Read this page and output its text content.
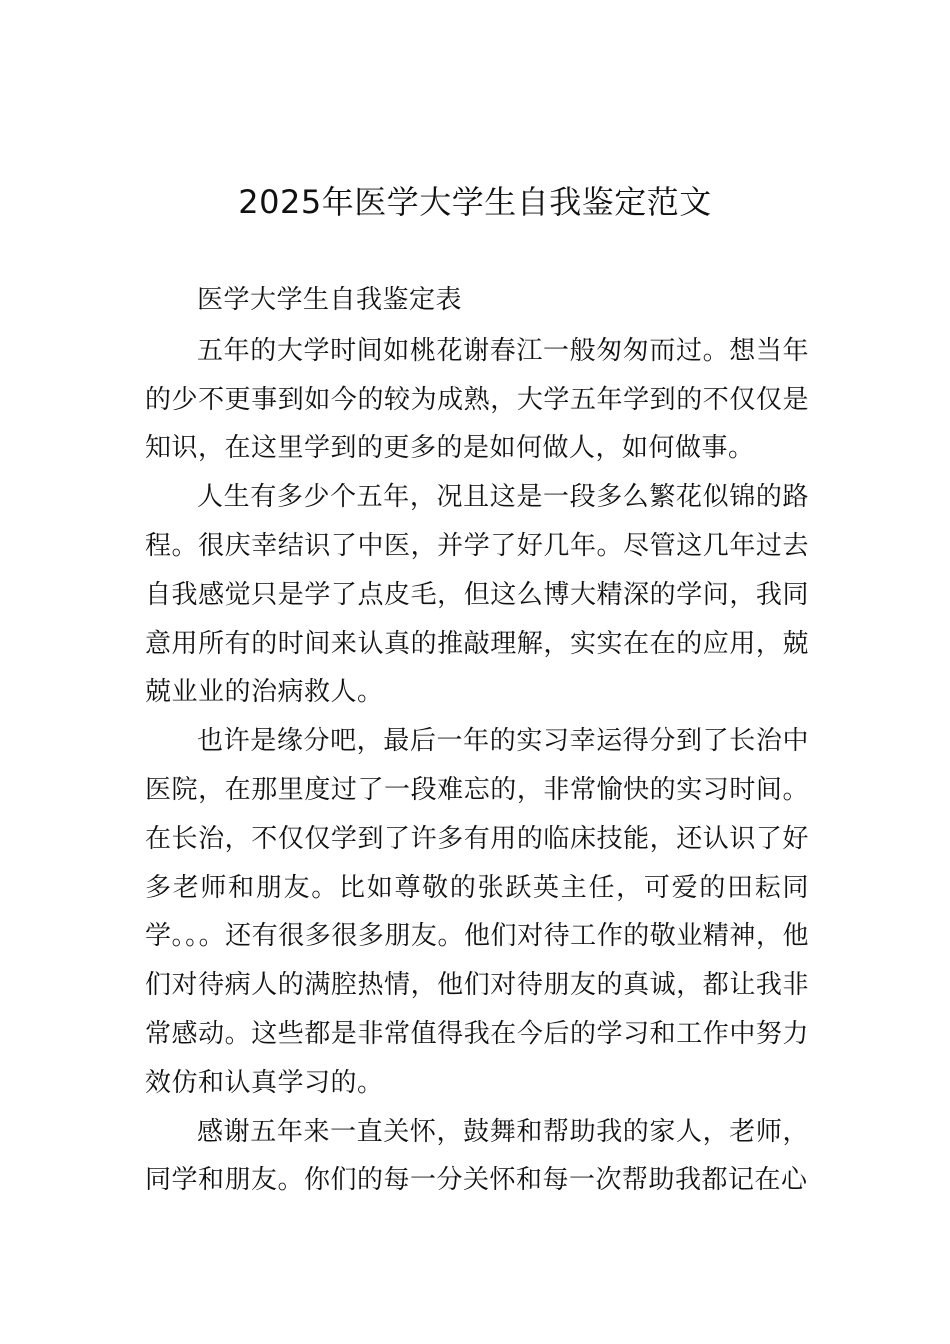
2025年医学大学生自我鉴定范文

医学大学生自我鉴定表

五年的大学时间如桃花谢春江一般匆匆而过。想当年的少不更事到如今的较为成熟，大学五年学到的不仅仅是知识，在这里学到的更多的是如何做人，如何做事。

人生有多少个五年，况且这是一段多么繁花似锦的路程。很庆幸结识了中医，并学了好几年。尽管这几年过去自我感觉只是学了点皮毛，但这么博大精深的学问，我同意用所有的时间来认真的推敲理解，实实在在的应用，兢兢业业的治病救人。

也许是缘分吧，最后一年的实习幸运得分到了长治中医院，在那里度过了一段难忘的，非常愉快的实习时间。在长治，不仅仅学到了许多有用的临床技能，还认识了好多老师和朋友。比如尊敬的张跃英主任，可爱的田耘同学。。。还有很多很多朋友。他们对待工作的敬业精神，他们对待病人的满腔热情，他们对待朋友的真诚，都让我非常感动。这些都是非常值得我在今后的学习和工作中努力效仿和认真学习的。

感谢五年来一直关怀，鼓舞和帮助我的家人，老师，同学和朋友。你们的每一分关怀和每一次帮助我都记在心
